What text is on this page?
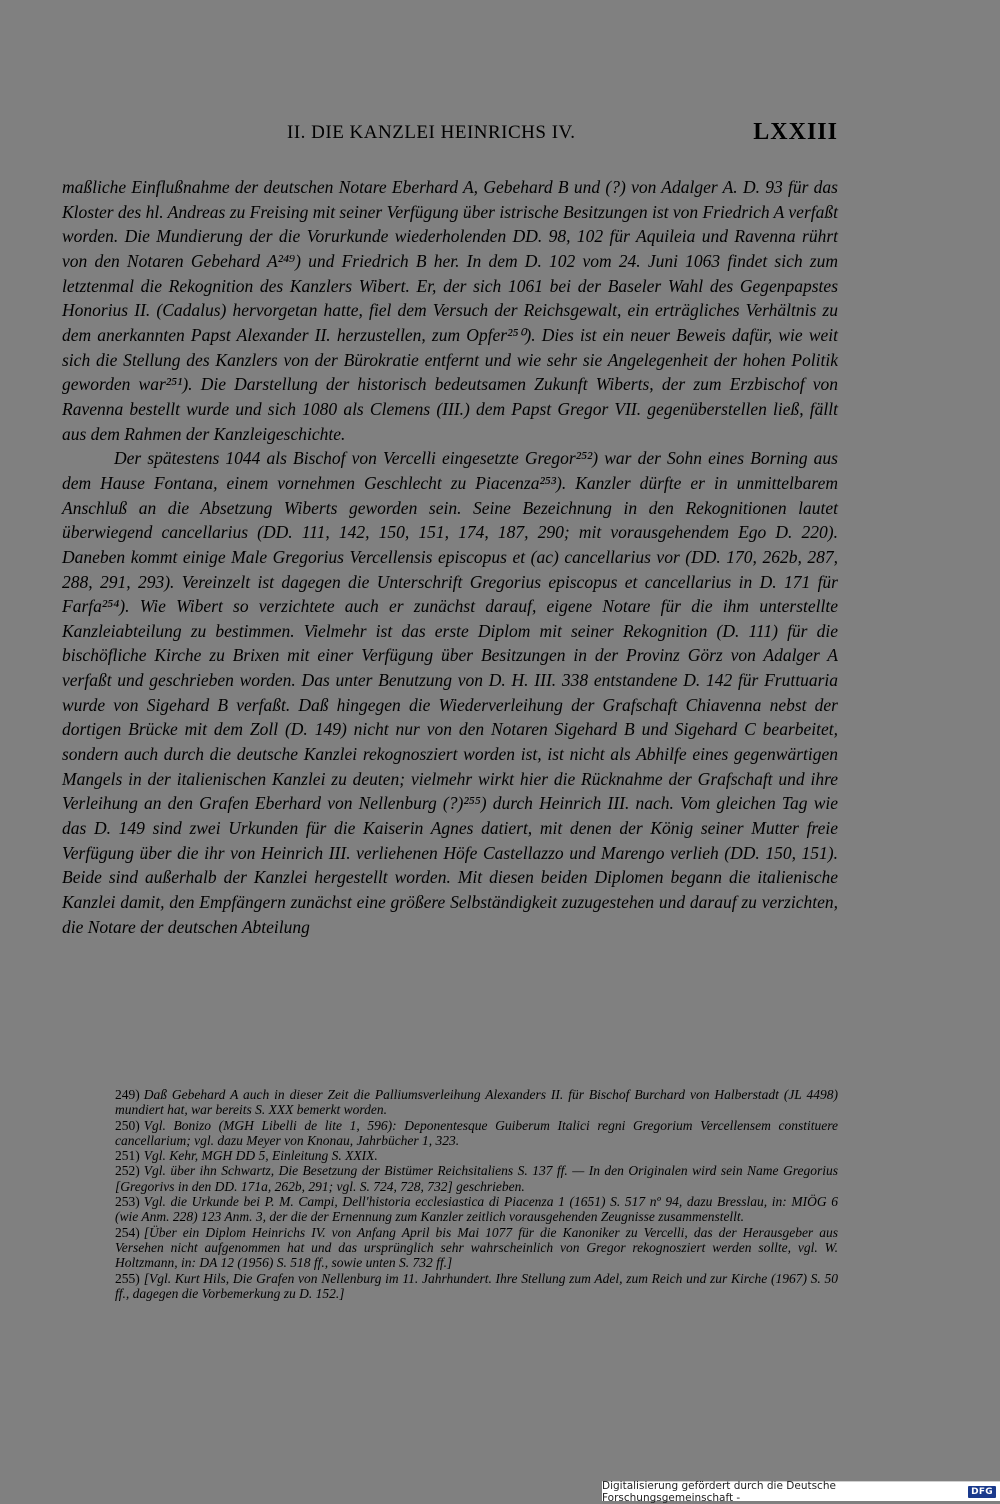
II. DIE KANZLEI HEINRICHS IV.	LXXIII

maßliche Einflußnahme der deutschen Notare Eberhard A, Gebehard B und (?) von Adalger A. D. 93 für das Kloster des hl. Andreas zu Freising mit seiner Verfügung über istrische Besitzungen ist von Friedrich A verfaßt worden. Die Mundierung der die Vorurkunde wiederholenden DD. 98, 102 für Aquileia und Ravenna rührt von den Notaren Gebehard A²⁴⁹) und Friedrich B her. In dem D. 102 vom 24. Juni 1063 findet sich zum letztenmal die Rekognition des Kanzlers Wibert. Er, der sich 1061 bei der Baseler Wahl des Gegenpapstes Honorius II. (Cadalus) hervorgetan hatte, fiel dem Versuch der Reichsgewalt, ein erträgliches Verhältnis zu dem anerkannten Papst Alexander II. herzustellen, zum Opfer²⁵⁰). Dies ist ein neuer Beweis dafür, wie weit sich die Stellung des Kanzlers von der Bürokratie entfernt und wie sehr sie Angelegenheit der hohen Politik geworden war²⁵¹). Die Darstellung der historisch bedeutsamen Zukunft Wiberts, der zum Erzbischof von Ravenna bestellt wurde und sich 1080 als Clemens (III.) dem Papst Gregor VII. gegenüberstellen ließ, fällt aus dem Rahmen der Kanzleigeschichte.

Der spätestens 1044 als Bischof von Vercelli eingesetzte Gregor²⁵²) war der Sohn eines Borning aus dem Hause Fontana, einem vornehmen Geschlecht zu Piacenza²⁵³). Kanzler dürfte er in unmittelbarem Anschluß an die Absetzung Wiberts geworden sein. Seine Bezeichnung in den Rekognitionen lautet überwiegend cancellarius (DD. 111, 142, 150, 151, 174, 187, 290; mit vorausgehendem Ego D. 220). Daneben kommt einige Male Gregorius Vercellensis episcopus et (ac) cancellarius vor (DD. 170, 262b, 287, 288, 291, 293). Vereinzelt ist dagegen die Unterschrift Gregorius episcopus et cancellarius in D. 171 für Farfa²⁵⁴). Wie Wibert so verzichtete auch er zunächst darauf, eigene Notare für die ihm unterstellte Kanzleiabteilung zu bestimmen. Vielmehr ist das erste Diplom mit seiner Rekognition (D. 111) für die bischöfliche Kirche zu Brixen mit einer Verfügung über Besitzungen in der Provinz Görz von Adalger A verfaßt und geschrieben worden. Das unter Benutzung von D. H. III. 338 entstandene D. 142 für Fruttuaria wurde von Sigehard B verfaßt. Daß hingegen die Wiederverleihung der Grafschaft Chiavenna nebst der dortigen Brücke mit dem Zoll (D. 149) nicht nur von den Notaren Sigehard B und Sigehard C bearbeitet, sondern auch durch die deutsche Kanzlei rekognosziert worden ist, ist nicht als Abhilfe eines gegenwärtigen Mangels in der italienischen Kanzlei zu deuten; vielmehr wirkt hier die Rücknahme der Grafschaft und ihre Verleihung an den Grafen Eberhard von Nellenburg (?)²⁵⁵) durch Heinrich III. nach. Vom gleichen Tag wie das D. 149 sind zwei Urkunden für die Kaiserin Agnes datiert, mit denen der König seiner Mutter freie Verfügung über die ihr von Heinrich III. verliehenen Höfe Castellazzo und Marengo verlieh (DD. 150, 151). Beide sind außerhalb der Kanzlei hergestellt worden. Mit diesen beiden Diplomen begann die italienische Kanzlei damit, den Empfängern zunächst eine größere Selbständigkeit zuzugestehen und darauf zu verzichten, die Notare der deutschen Abteilung

249) Daß Gebehard A auch in dieser Zeit die Palliumsverleihung Alexanders II. für Bischof Burchard von Halberstadt (JL 4498) mundiert hat, war bereits S. XXX bemerkt worden.

250) Vgl. Bonizo (MGH Libelli de lite 1, 596): Deponentesque Guiberum Italici regni Gregorium Vercellensem constituere cancellarium; vgl. dazu Meyer von Knonau, Jahrbücher 1, 323.

251) Vgl. Kehr, MGH DD 5, Einleitung S. XXIX.

252) Vgl. über ihn Schwartz, Die Besetzung der Bistümer Reichsitaliens S. 137 ff. — In den Originalen wird sein Name Gregorius [Gregorivs in den DD. 171a, 262b, 291; vgl. S. 724, 728, 732] geschrieben.

253) Vgl. die Urkunde bei P. M. Campi, Dell'historia ecclesiastica di Piacenza 1 (1651) S. 517 nº 94, dazu Bresslau, in: MIÖG 6 (wie Anm. 228) 123 Anm. 3, der die der Ernennung zum Kanzler zeitlich vorausgehenden Zeugnisse zusammenstellt.

254) [Über ein Diplom Heinrichs IV. von Anfang April bis Mai 1077 für die Kanoniker zu Vercelli, das der Herausgeber aus Versehen nicht aufgenommen hat und das ursprünglich sehr wahrscheinlich von Gregor rekognosziert werden sollte, vgl. W. Holtzmann, in: DA 12 (1956) S. 518 ff., sowie unten S. 732 ff.]

255) [Vgl. Kurt Hils, Die Grafen von Nellenburg im 11. Jahrhundert. Ihre Stellung zum Adel, zum Reich und zur Kirche (1967) S. 50 ff., dagegen die Vorbemerkung zu D. 152.]

Digitalisierung gefördert durch die Deutsche Forschungsgemeinschaft -	DFG
